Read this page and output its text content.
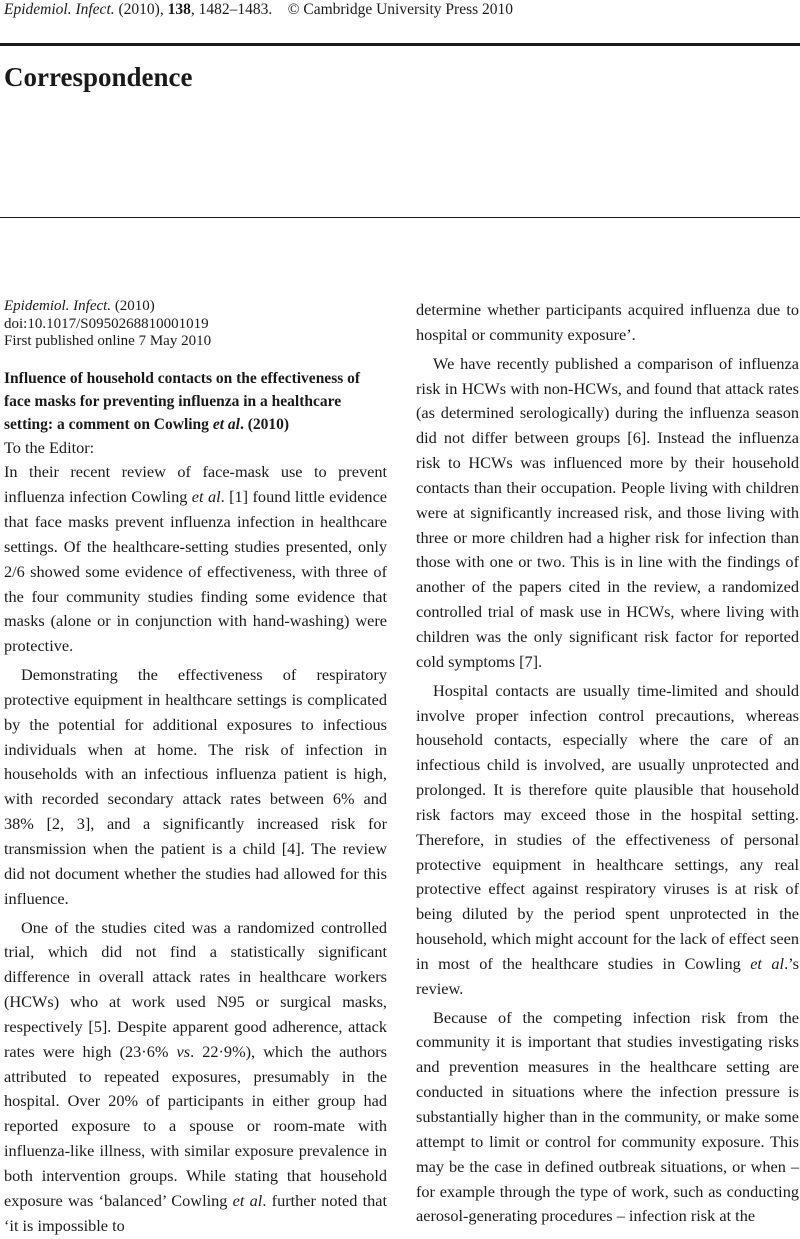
Epidemiol. Infect. (2010), 138, 1482–1483. © Cambridge University Press 2010
Correspondence

Epidemiol. Infect. (2010)

doi:10.1017/S0950268810001019

First published online 7 May 2010

Influence of household contacts on the effectiveness of face masks for preventing influenza in a healthcare setting: a comment on Cowling et al. (2010)

To the Editor:

In their recent review of face-mask use to prevent influenza infection Cowling et al. [1] found little evidence that face masks prevent influenza infection in healthcare settings. Of the healthcare-setting studies presented, only 2/6 showed some evidence of effectiveness, with three of the four community studies finding some evidence that masks (alone or in conjunction with hand-washing) were protective.

Demonstrating the effectiveness of respiratory protective equipment in healthcare settings is complicated by the potential for additional exposures to infectious individuals when at home. The risk of infection in households with an infectious influenza patient is high, with recorded secondary attack rates between 6% and 38% [2, 3], and a significantly increased risk for transmission when the patient is a child [4]. The review did not document whether the studies had allowed for this influence.

One of the studies cited was a randomized controlled trial, which did not find a statistically significant difference in overall attack rates in healthcare workers (HCWs) who at work used N95 or surgical masks, respectively [5]. Despite apparent good adherence, attack rates were high (23·6% vs. 22·9%), which the authors attributed to repeated exposures, presumably in the hospital. Over 20% of participants in either group had reported exposure to a spouse or room-mate with influenza-like illness, with similar exposure prevalence in both intervention groups. While stating that household exposure was ‘balanced’ Cowling et al. further noted that ‘it is impossible to

determine whether participants acquired influenza due to hospital or community exposure’.

We have recently published a comparison of influenza risk in HCWs with non-HCWs, and found that attack rates (as determined serologically) during the influenza season did not differ between groups [6]. Instead the influenza risk to HCWs was influenced more by their household contacts than their occupation. People living with children were at significantly increased risk, and those living with three or more children had a higher risk for infection than those with one or two. This is in line with the findings of another of the papers cited in the review, a randomized controlled trial of mask use in HCWs, where living with children was the only significant risk factor for reported cold symptoms [7].

Hospital contacts are usually time-limited and should involve proper infection control precautions, whereas household contacts, especially where the care of an infectious child is involved, are usually unprotected and prolonged. It is therefore quite plausible that household risk factors may exceed those in the hospital setting. Therefore, in studies of the effectiveness of personal protective equipment in healthcare settings, any real protective effect against respiratory viruses is at risk of being diluted by the period spent unprotected in the household, which might account for the lack of effect seen in most of the healthcare studies in Cowling et al.’s review.

Because of the competing infection risk from the community it is important that studies investigating risks and prevention measures in the healthcare setting are conducted in situations where the infection pressure is substantially higher than in the community, or make some attempt to limit or control for community exposure. This may be the case in defined outbreak situations, or when – for example through the type of work, such as conducting aerosol-generating procedures – infection risk at the
